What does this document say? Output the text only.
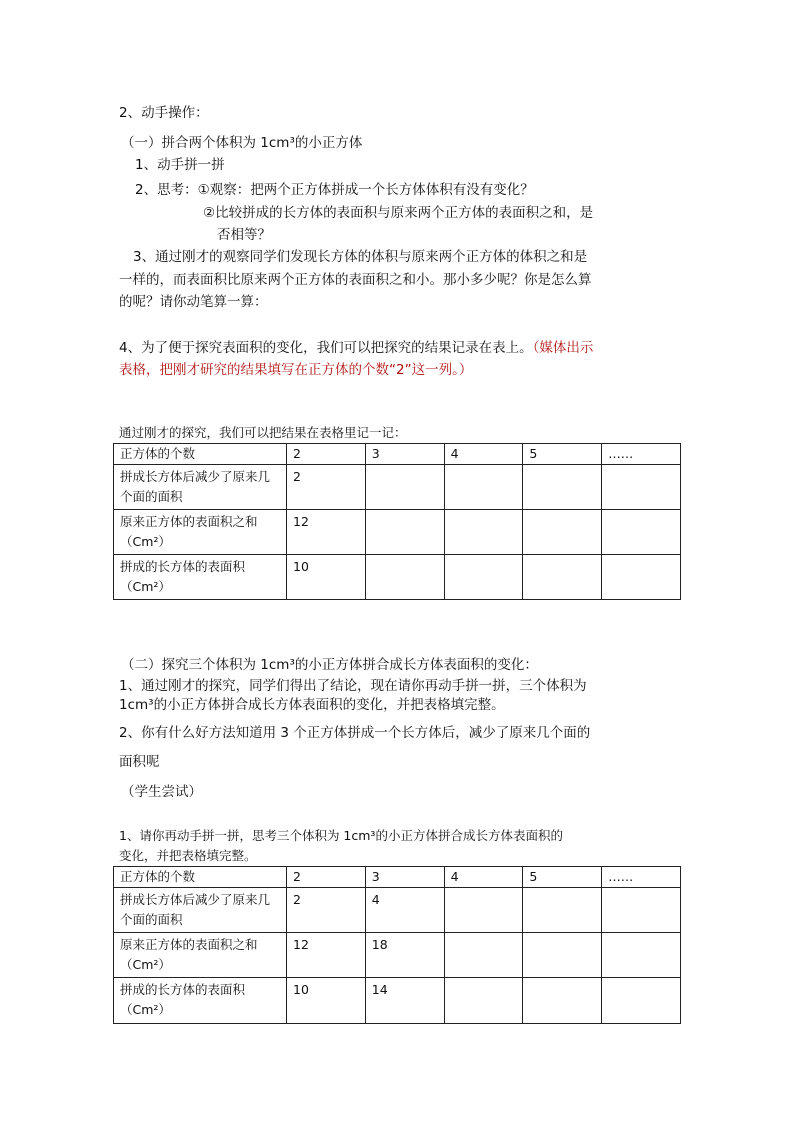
2、动手操作：
（一）拼合两个体积为 1cm³的小正方体
1、动手拼一拼
2、思考：①观察：把两个正方体拼成一个长方体体积有没有变化？
②比较拼成的长方体的表面积与原来两个正方体的表面积之和，是
否相等？
3、通过刚才的观察同学们发现长方体的体积与原来两个正方体的体积之和是
一样的，而表面积比原来两个正方体的表面积之和小。那小多少呢？你是怎么算
的呢？请你动笔算一算：
4、为了便于探究表面积的变化，我们可以把探究的结果记录在表上。（媒体出示
表格，把刚才研究的结果填写在正方体的个数“2”这一列。）
通过刚才的探究，我们可以把结果在表格里记一记：
正方体的个数	2	3	4	5	……
拼成长方体后减少了原来几个面的面积	2				
原来正方体的表面积之和（Cm²）	12				
拼成的长方体的表面积（Cm²）	10				
（二）探究三个体积为 1cm³的小正方体拼合成长方体表面积的变化：
1、通过刚才的探究，同学们得出了结论，现在请你再动手拼一拼，三个体积为
1cm³的小正方体拼合成长方体表面积的变化，并把表格填完整。
2、你有什么好方法知道用 3 个正方体拼成一个长方体后，减少了原来几个面的
面积呢
（学生尝试）
1、请你再动手拼一拼，思考三个体积为 1cm³的小正方体拼合成长方体表面积的
变化，并把表格填完整。
正方体的个数	2	3	4	5	……
拼成长方体后减少了原来几个面的面积	2	4			
原来正方体的表面积之和（Cm²）	12	18			
拼成的长方体的表面积（Cm²）	10	14			
